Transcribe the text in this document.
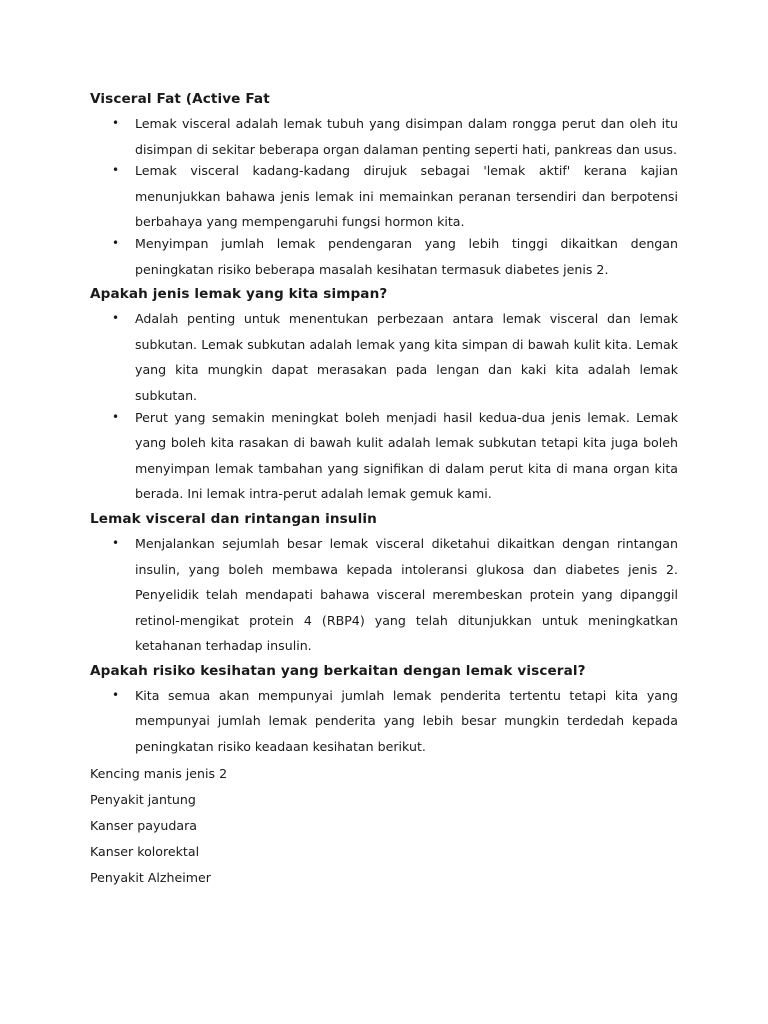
Visceral Fat (Active Fat
• Lemak visceral adalah lemak tubuh yang disimpan dalam rongga perut dan oleh itu disimpan di sekitar beberapa organ dalaman penting seperti hati, pankreas dan usus.
• Lemak visceral kadang-kadang dirujuk sebagai 'lemak aktif' kerana kajian menunjukkan bahawa jenis lemak ini memainkan peranan tersendiri dan berpotensi berbahaya yang mempengaruhi fungsi hormon kita.
• Menyimpan jumlah lemak pendengaran yang lebih tinggi dikaitkan dengan peningkatan risiko beberapa masalah kesihatan termasuk diabetes jenis 2.
Apakah jenis lemak yang kita simpan?
• Adalah penting untuk menentukan perbezaan antara lemak visceral dan lemak subkutan. Lemak subkutan adalah lemak yang kita simpan di bawah kulit kita. Lemak yang kita mungkin dapat merasakan pada lengan dan kaki kita adalah lemak subkutan.
• Perut yang semakin meningkat boleh menjadi hasil kedua-dua jenis lemak. Lemak yang boleh kita rasakan di bawah kulit adalah lemak subkutan tetapi kita juga boleh menyimpan lemak tambahan yang signifikan di dalam perut kita di mana organ kita berada. Ini lemak intra-perut adalah lemak gemuk kami.
Lemak visceral dan rintangan insulin
• Menjalankan sejumlah besar lemak visceral diketahui dikaitkan dengan rintangan insulin, yang boleh membawa kepada intoleransi glukosa dan diabetes jenis 2. Penyelidik telah mendapati bahawa visceral merembeskan protein yang dipanggil retinol-mengikat protein 4 (RBP4) yang telah ditunjukkan untuk meningkatkan ketahanan terhadap insulin.
Apakah risiko kesihatan yang berkaitan dengan lemak visceral?
• Kita semua akan mempunyai jumlah lemak penderita tertentu tetapi kita yang mempunyai jumlah lemak penderita yang lebih besar mungkin terdedah kepada peningkatan risiko keadaan kesihatan berikut.

Kencing manis jenis 2

Penyakit jantung

Kanser payudara

Kanser kolorektal

Penyakit Alzheimer
